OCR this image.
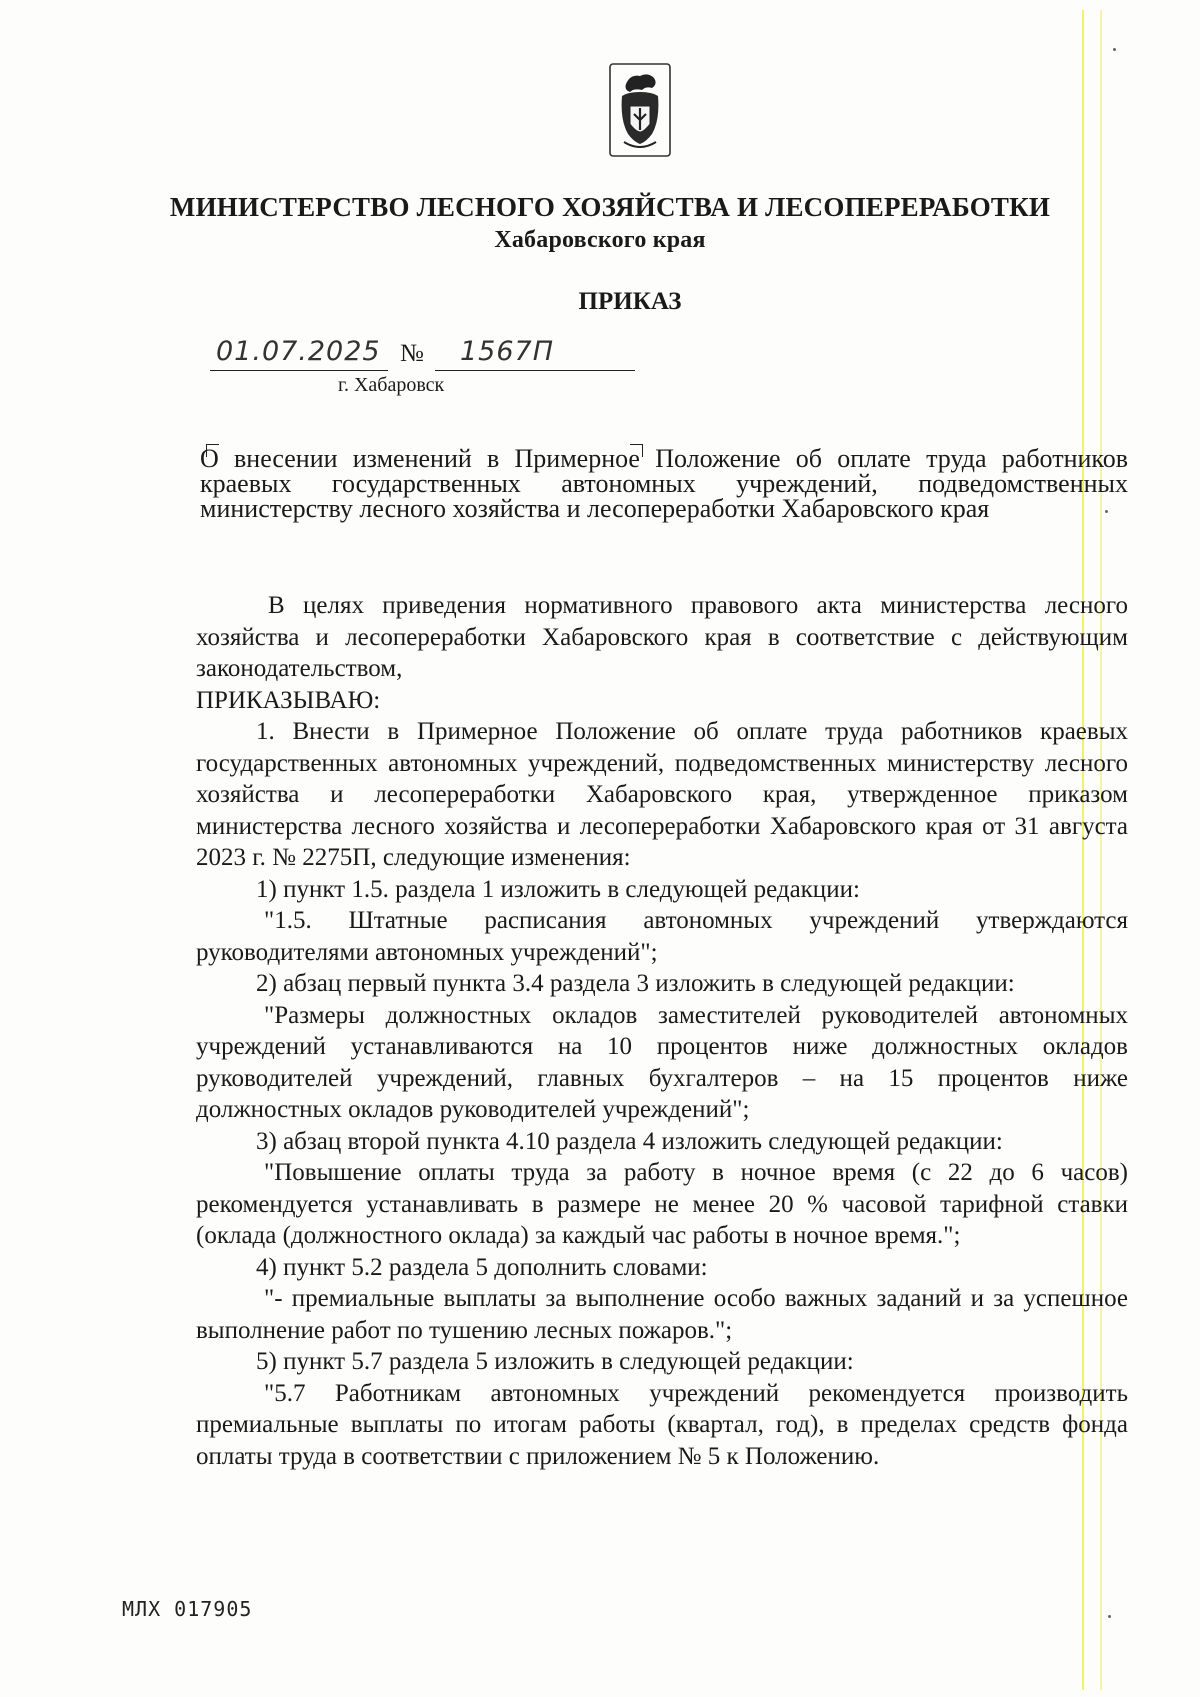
МИНИСТЕРСТВО ЛЕСНОГО ХОЗЯЙСТВА И ЛЕСОПЕРЕРАБОТКИ
Хабаровского края
ПРИКАЗ
01.07.2025 № 1567П
г. Хабаровск
О внесении изменений в Примерное Положение об оплате труда работников краевых государственных автономных учреждений, подведомственных министерству лесного хозяйства и лесопереработки Хабаровского края

В целях приведения нормативного правового акта министерства лесного хозяйства и лесопереработки Хабаровского края в соответствие с действующим законодательством,

ПРИКАЗЫВАЮ:

1. Внести в Примерное Положение об оплате труда работников краевых государственных автономных учреждений, подведомственных министерству лесного хозяйства и лесопереработки Хабаровского края, утвержденное приказом министерства лесного хозяйства и лесопереработки Хабаровского края от 31 августа 2023 г. № 2275П, следующие изменения:

1) пункт 1.5. раздела 1 изложить в следующей редакции:

"1.5. Штатные расписания автономных учреждений утверждаются руководителями автономных учреждений";

2) абзац первый пункта 3.4 раздела 3 изложить в следующей редакции:

"Размеры должностных окладов заместителей руководителей автономных учреждений устанавливаются на 10 процентов ниже должностных окладов руководителей учреждений, главных бухгалтеров – на 15 процентов ниже должностных окладов руководителей учреждений";

3) абзац второй пункта 4.10 раздела 4 изложить следующей редакции:

"Повышение оплаты труда за работу в ночное время (с 22 до 6 часов) рекомендуется устанавливать в размере не менее 20 % часовой тарифной ставки (оклада (должностного оклада) за каждый час работы в ночное время.";

4) пункт 5.2 раздела 5 дополнить словами:

"- премиальные выплаты за выполнение особо важных заданий и за успешное выполнение работ по тушению лесных пожаров.";

5) пункт 5.7 раздела 5 изложить в следующей редакции:

"5.7 Работникам автономных учреждений рекомендуется производить премиальные выплаты по итогам работы (квартал, год), в пределах средств фонда оплаты труда в соответствии с приложением № 5 к Положению.

МЛХ 017905
